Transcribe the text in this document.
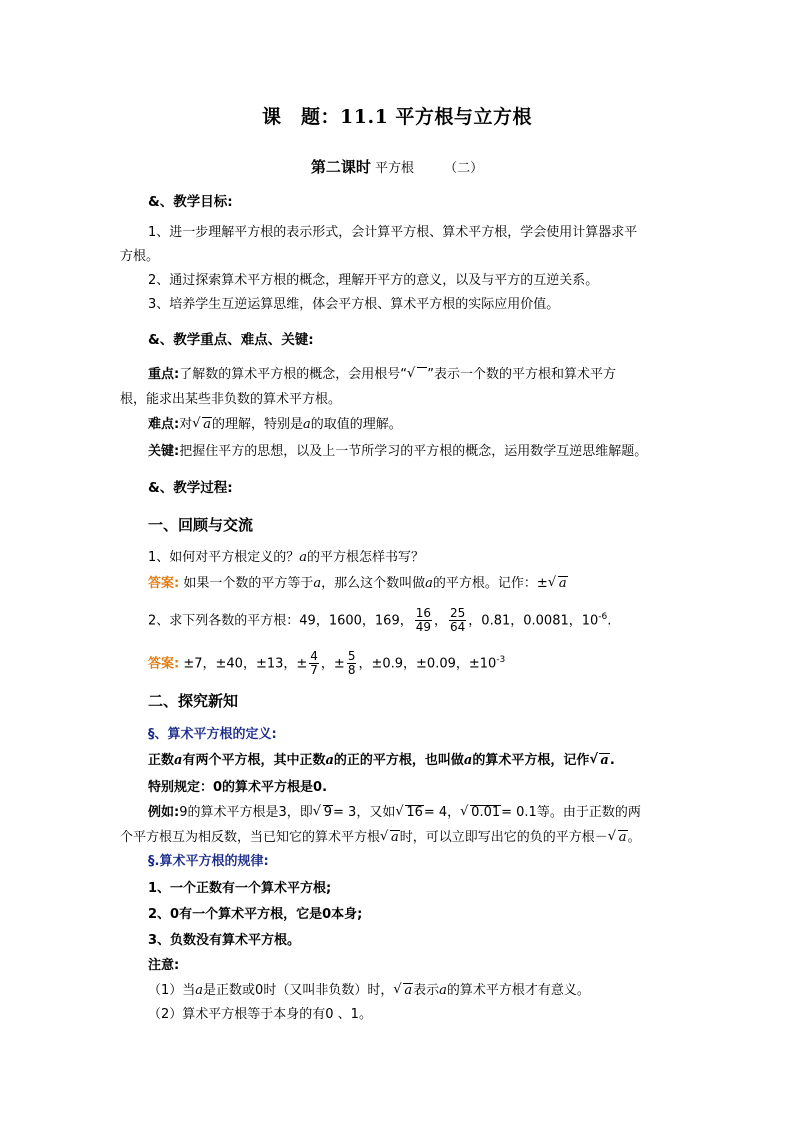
课　题：11.1 平方根与立方根
第二课时 平方根 （二）
&、教学目标:
1、进一步理解平方根的表示形式，会计算平方根、算术平方根，学会使用计算器求平
方根。
2、通过探索算术平方根的概念，理解开平方的意义，以及与平方的互逆关系。
3、培养学生互逆运算思维，体会平方根、算术平方根的实际应用价值。
&、教学重点、难点、关键:
重点:了解数的算术平方根的概念，会用根号“ √ ”表示一个数的平方根和算术平方
根，能求出某些非负数的算术平方根。
难点:对 √ a的理解，特别是a的取值的理解。
关键:把握住平方的思想，以及上一节所学习的平方根的概念，运用数学互逆思维解题。
&、教学过程:
一、回顾与交流
1、如何对平方根定义的？a的平方根怎样书写？
答案: 如果一个数的平方等于a，那么这个数叫做a的平方根。记作：± √ a
2、求下列各数的平方根：49，1600，169， $\frac{16}{49}$ ， $\frac{25}{64}$ ，0.81，0.0081，$10^{-6}$.
答案: ±7，±40，±13，± $\frac{4}{7}$ ，± $\frac{5}{8}$ ，±0.9，±0.09，$\pm 10^{-3}$
二、探究新知
§、算术平方根的定义:
正数a有两个平方根，其中正数a的正的平方根，也叫做a的算术平方根，记作 √ a.
特别规定：0的算术平方根是0.
例如:9的算术平方根是3，即 √ 9= 3，又如 √ 16= 4， √ 0.01= 0.1等。由于正数的两
个平方根互为相反数，当已知它的算术平方根 √ a时，可以立即写出它的负的平方根－ √ a。
§.算术平方根的规律:
1、一个正数有一个算术平方根;
2、0有一个算术平方根，它是0本身;
3、负数没有算术平方根。
注意:
（1）当a是正数或0时（又叫非负数）时， √ a表示a的算术平方根才有意义。
（2）算术平方根等于本身的有0 、1。
